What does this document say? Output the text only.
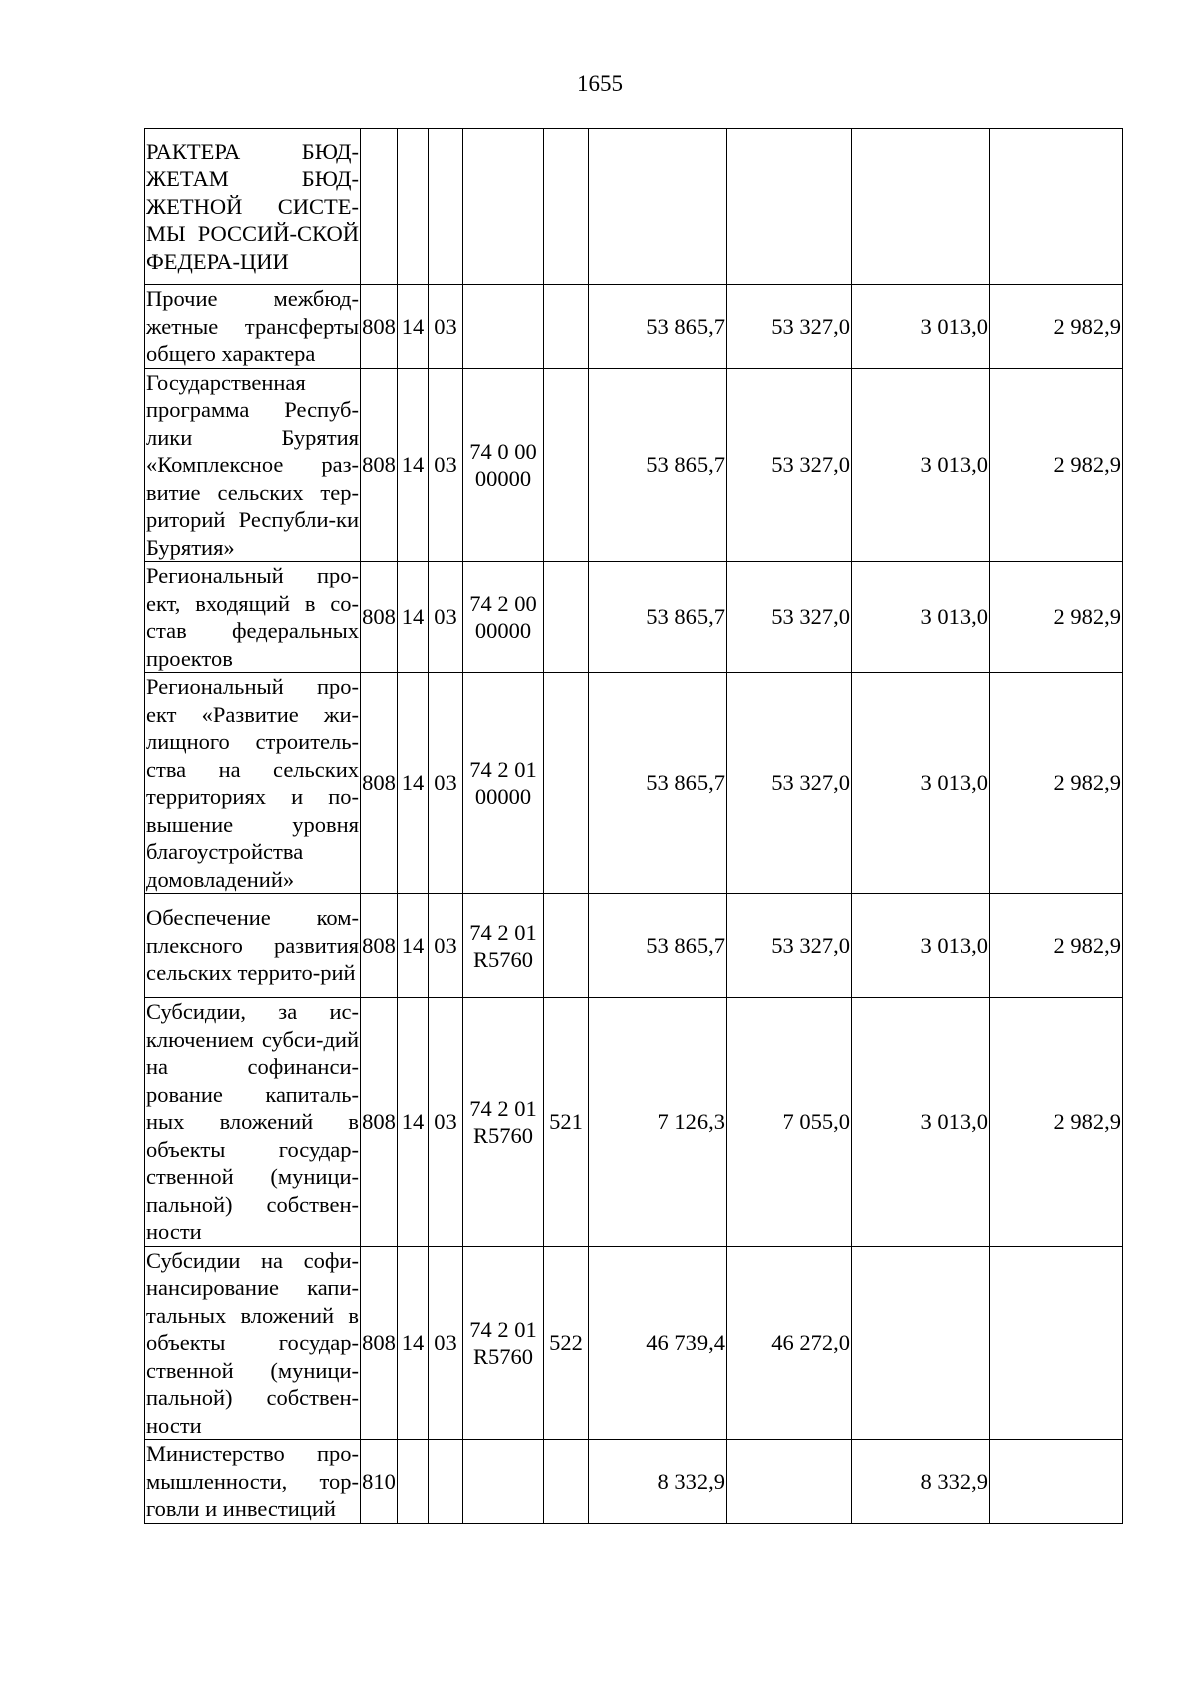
1655
РАКТЕРА БЮД-ЖЕТАМ БЮД-ЖЕТНОЙ СИСТЕ-МЫ РОССИЙ-СКОЙ ФЕДЕРА-ЦИИ				

Прочие межбюд-жетные трансферты общего характера	808	14	03			53 865,7	53 327,0	3 013,0	2 982,9
Государственная программа Респуб-лики Бурятия «Комплексное раз-витие сельских тер-риторий Республи-ки Бурятия»	808	14	03	74 0 00
00000		53 865,7	53 327,0	3 013,0	2 982,9
Региональный про-ект, входящий в со-став федеральных проектов	808	14	03	74 2 00
00000		53 865,7	53 327,0	3 013,0	2 982,9
Региональный про-ект «Развитие жи-лищного строитель-ства на сельских территориях и по-вышение уровня благоустройства домовладений»	808	14	03	74 2 01
00000		53 865,7	53 327,0	3 013,0	2 982,9
Обеспечение ком-плексного развития сельских террито-рий	808	14	03	74 2 01
R5760		53 865,7	53 327,0	3 013,0	2 982,9
Субсидии, за ис-ключением субси-дий на софинанси-рование капиталь-ных вложений в объекты государ-ственной (муници-пальной) собствен-ности	808	14	03	74 2 01
R5760	521	7 126,3	7 055,0	3 013,0	2 982,9
Субсидии на софи-нансирование капи-тальных вложений в объекты государ-ственной (муници-пальной) собствен-ности	808	14	03	74 2 01
R5760	522	46 739,4	46 272,0		
Министерство про-мышленности, тор-говли и инвестиций	810					8 332,9		8 332,9	
